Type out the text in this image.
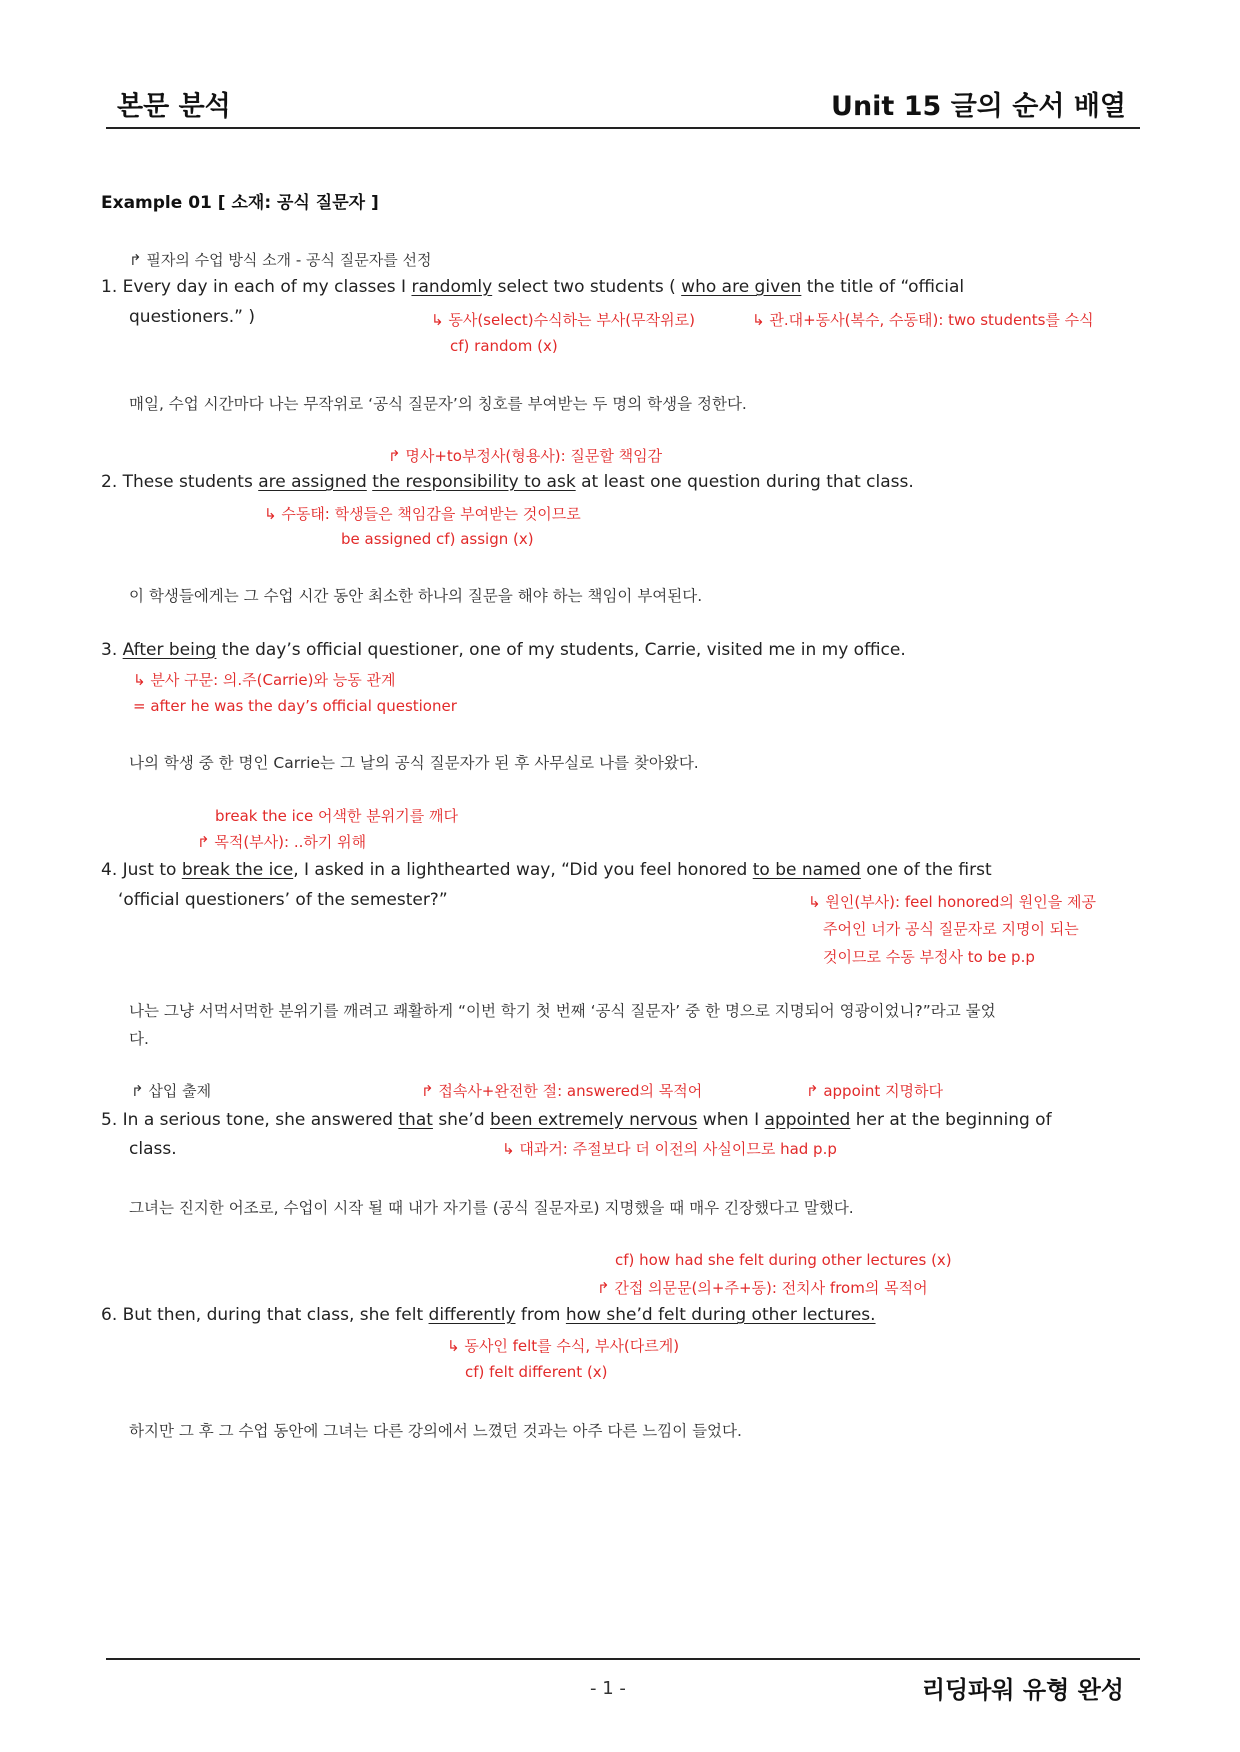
본문 분석	Unit 15 글의 순서 배열
Example 01 [ 소재: 공식 질문자 ]
↱ 필자의 수업 방식 소개 - 공식 질문자를 선정
1. Every day in each of my classes I randomly select two students ( who are given the title of “official
questioners.” )	↳ 동사(select)수식하는 부사(무작위로)	↳ 관.대+동사(복수, 수동태): two students를 수식
cf) random (x)
매일, 수업 시간마다 나는 무작위로 ‘공식 질문자’의 칭호를 부여받는 두 명의 학생을 정한다.
↱ 명사+to부정사(형용사): 질문할 책임감
2. These students are assigned the responsibility to ask at least one question during that class.
↳ 수동태: 학생들은 책임감을 부여받는 것이므로
be assigned cf) assign (x)
이 학생들에게는 그 수업 시간 동안 최소한 하나의 질문을 해야 하는 책임이 부여된다.
3. After being the day’s official questioner, one of my students, Carrie, visited me in my office.
↳ 분사 구문: 의.주(Carrie)와 능동 관계
= after he was the day’s official questioner
나의 학생 중 한 명인 Carrie는 그 날의 공식 질문자가 된 후 사무실로 나를 찾아왔다.
break the ice 어색한 분위기를 깨다
↱ 목적(부사): ..하기 위해
4. Just to break the ice, I asked in a lighthearted way, “Did you feel honored to be named one of the first
‘official questioners’ of the semester?”	↳ 원인(부사): feel honored의 원인을 제공
주어인 너가 공식 질문자로 지명이 되는
것이므로 수동 부정사 to be p.p
나는 그냥 서먹서먹한 분위기를 깨려고 쾌활하게 “이번 학기 첫 번째 ‘공식 질문자’ 중 한 명으로 지명되어 영광이었니?”라고 물었
다.
↱ 삽입 출제	↱ 접속사+완전한 절: answered의 목적어	↱ appoint 지명하다
5. In a serious tone, she answered that she’d been extremely nervous when I appointed her at the beginning of
class.	↳ 대과거: 주절보다 더 이전의 사실이므로 had p.p
그녀는 진지한 어조로, 수업이 시작 될 때 내가 자기를 (공식 질문자로) 지명했을 때 매우 긴장했다고 말했다.
cf) how had she felt during other lectures (x)
↱ 간접 의문문(의+주+동): 전치사 from의 목적어
6. But then, during that class, she felt differently from how she’d felt during other lectures.
↳ 동사인 felt를 수식, 부사(다르게)
cf) felt different (x)
하지만 그 후 그 수업 동안에 그녀는 다른 강의에서 느꼈던 것과는 아주 다른 느낌이 들었다.
- 1 -	리딩파워 유형 완성
